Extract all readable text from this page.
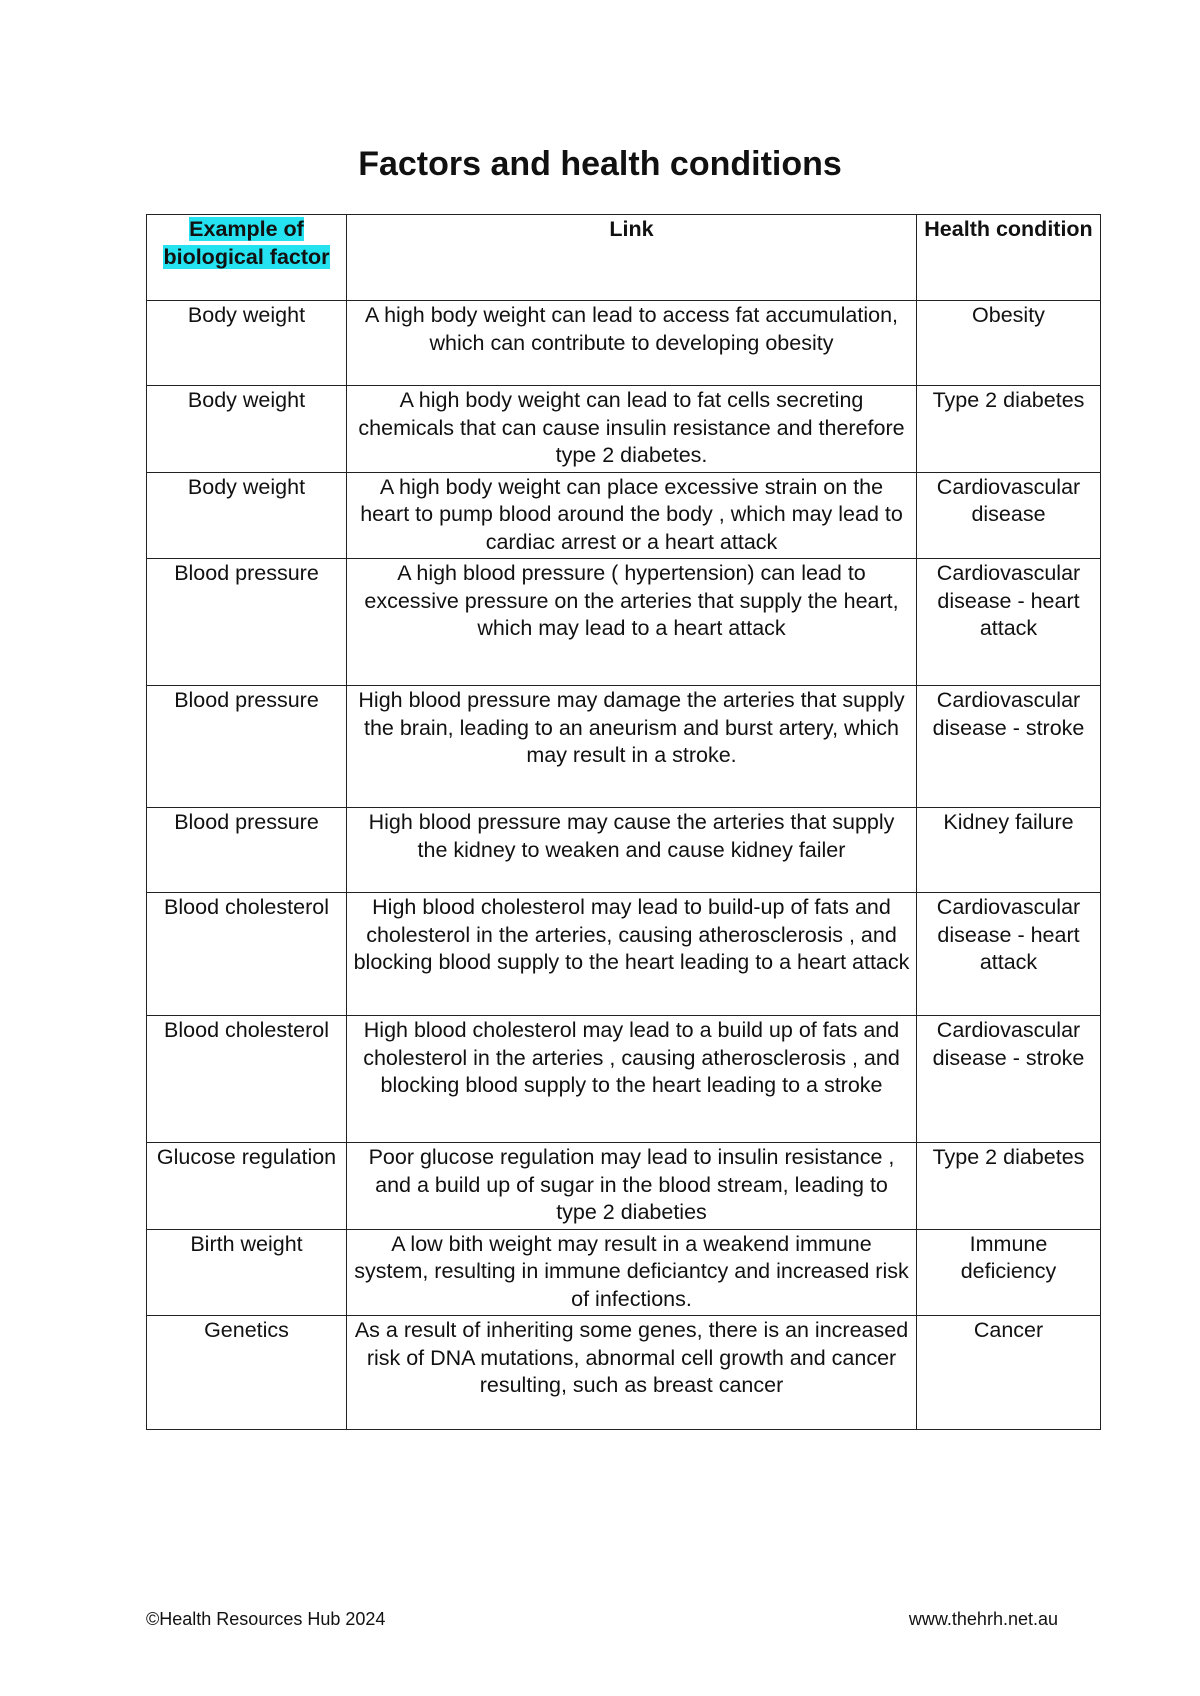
Factors and health conditions
Example of biological factor	Link	Health condition
Body weight	A high body weight can lead to access fat accumulation, which can contribute to developing obesity	Obesity
Body weight	A high body weight can lead to fat cells secreting chemicals that can cause insulin resistance and therefore type 2 diabetes.	Type 2 diabetes
Body weight	A high body weight can place excessive strain on the heart to pump blood around the body , which may lead to cardiac arrest or a heart attack	Cardiovascular disease
Blood pressure	A high blood pressure ( hypertension) can lead to excessive pressure on the arteries that supply the heart, which may lead to a heart attack	Cardiovascular disease - heart attack
Blood pressure	High blood pressure may damage the arteries that supply the brain, leading to an aneurism and burst artery, which may result in a stroke.	Cardiovascular disease - stroke
Blood pressure	High blood pressure may cause the arteries that supply the kidney to weaken and cause kidney failer	Kidney failure
Blood cholesterol	High blood cholesterol may lead to build-up of fats and cholesterol in the arteries, causing atherosclerosis , and blocking blood supply to the heart leading to a heart attack	Cardiovascular disease - heart attack
Blood cholesterol	High blood cholesterol may lead to a build up of fats and cholesterol in the arteries , causing atherosclerosis , and blocking blood supply to the heart leading to a stroke	Cardiovascular disease - stroke
Glucose regulation	Poor glucose regulation may lead to insulin resistance , and a build up of sugar in the blood stream, leading to type 2 diabeties	Type 2 diabetes
Birth weight	A low bith weight may result in a weakend immune system, resulting in immune deficiantcy and increased risk of infections.	Immune deficiency
Genetics	As a result of inheriting some genes, there is an increased risk of DNA mutations, abnormal cell growth and cancer resulting, such as breast cancer	Cancer
©Health Resources Hub 2024	www.thehrh.net.au
